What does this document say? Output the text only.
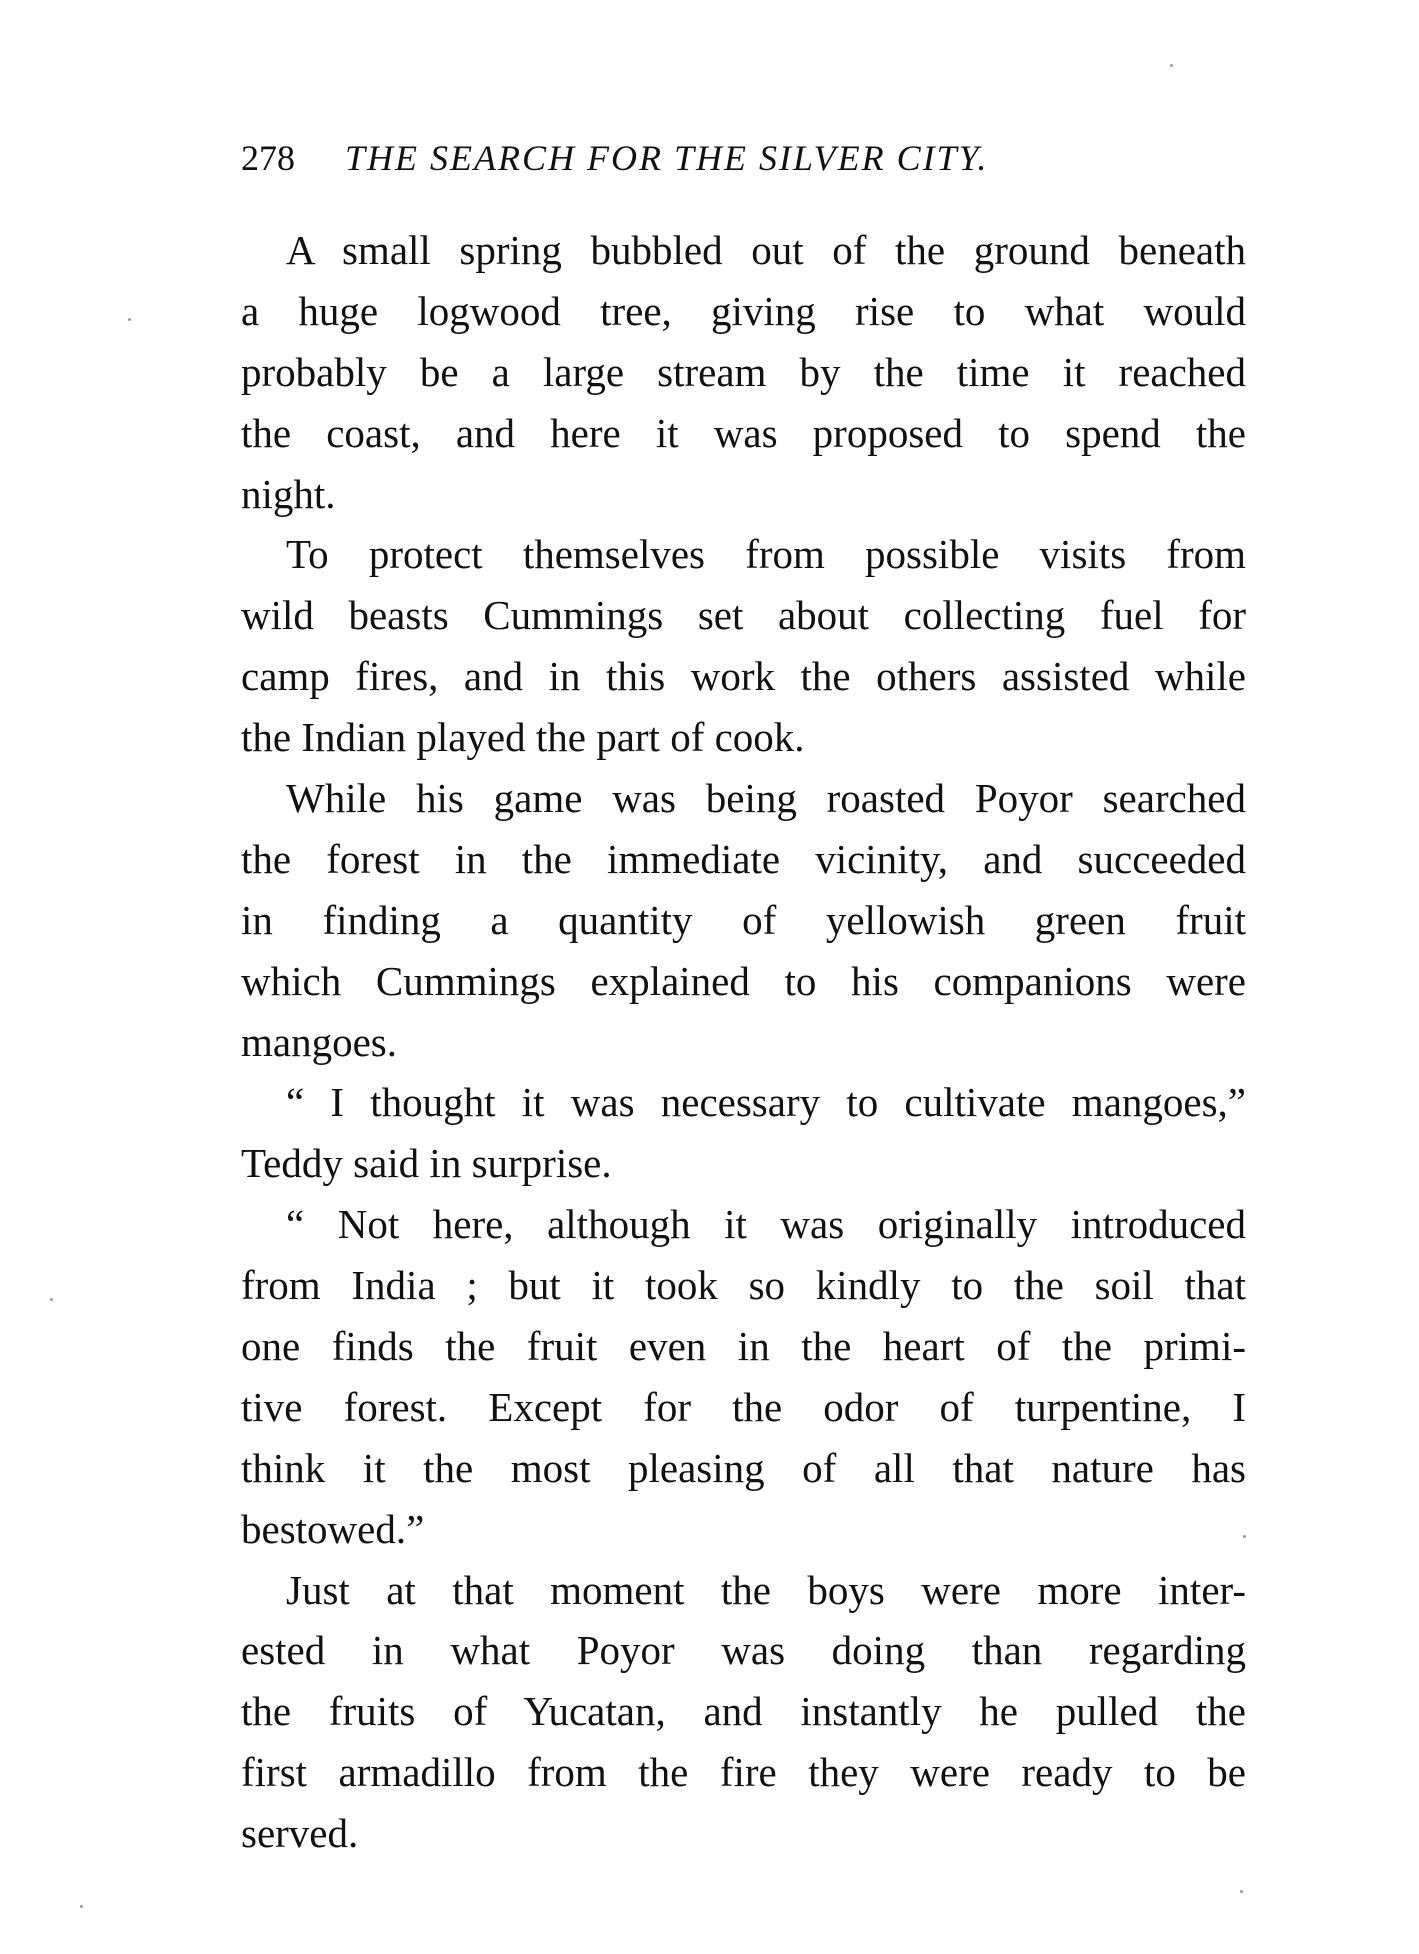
278 THE SEARCH FOR THE SILVER CITY.
A small spring bubbled out of the ground beneath
a huge logwood tree, giving rise to what would
probably be a large stream by the time it reached
the coast, and here it was proposed to spend the
night.
To protect themselves from possible visits from
wild beasts Cummings set about collecting fuel for
camp fires, and in this work the others assisted while
the Indian played the part of cook.
While his game was being roasted Poyor searched
the forest in the immediate vicinity, and succeeded
in finding a quantity of yellowish green fruit
which Cummings explained to his companions were
mangoes.
“ I thought it was necessary to cultivate mangoes,”
Teddy said in surprise.
“ Not here, although it was originally introduced
from India ; but it took so kindly to the soil that
one finds the fruit even in the heart of the primi-
tive forest. Except for the odor of turpentine, I
think it the most pleasing of all that nature has
bestowed.”
Just at that moment the boys were more inter-
ested in what Poyor was doing than regarding
the fruits of Yucatan, and instantly he pulled the
first armadillo from the fire they were ready to be
served.
